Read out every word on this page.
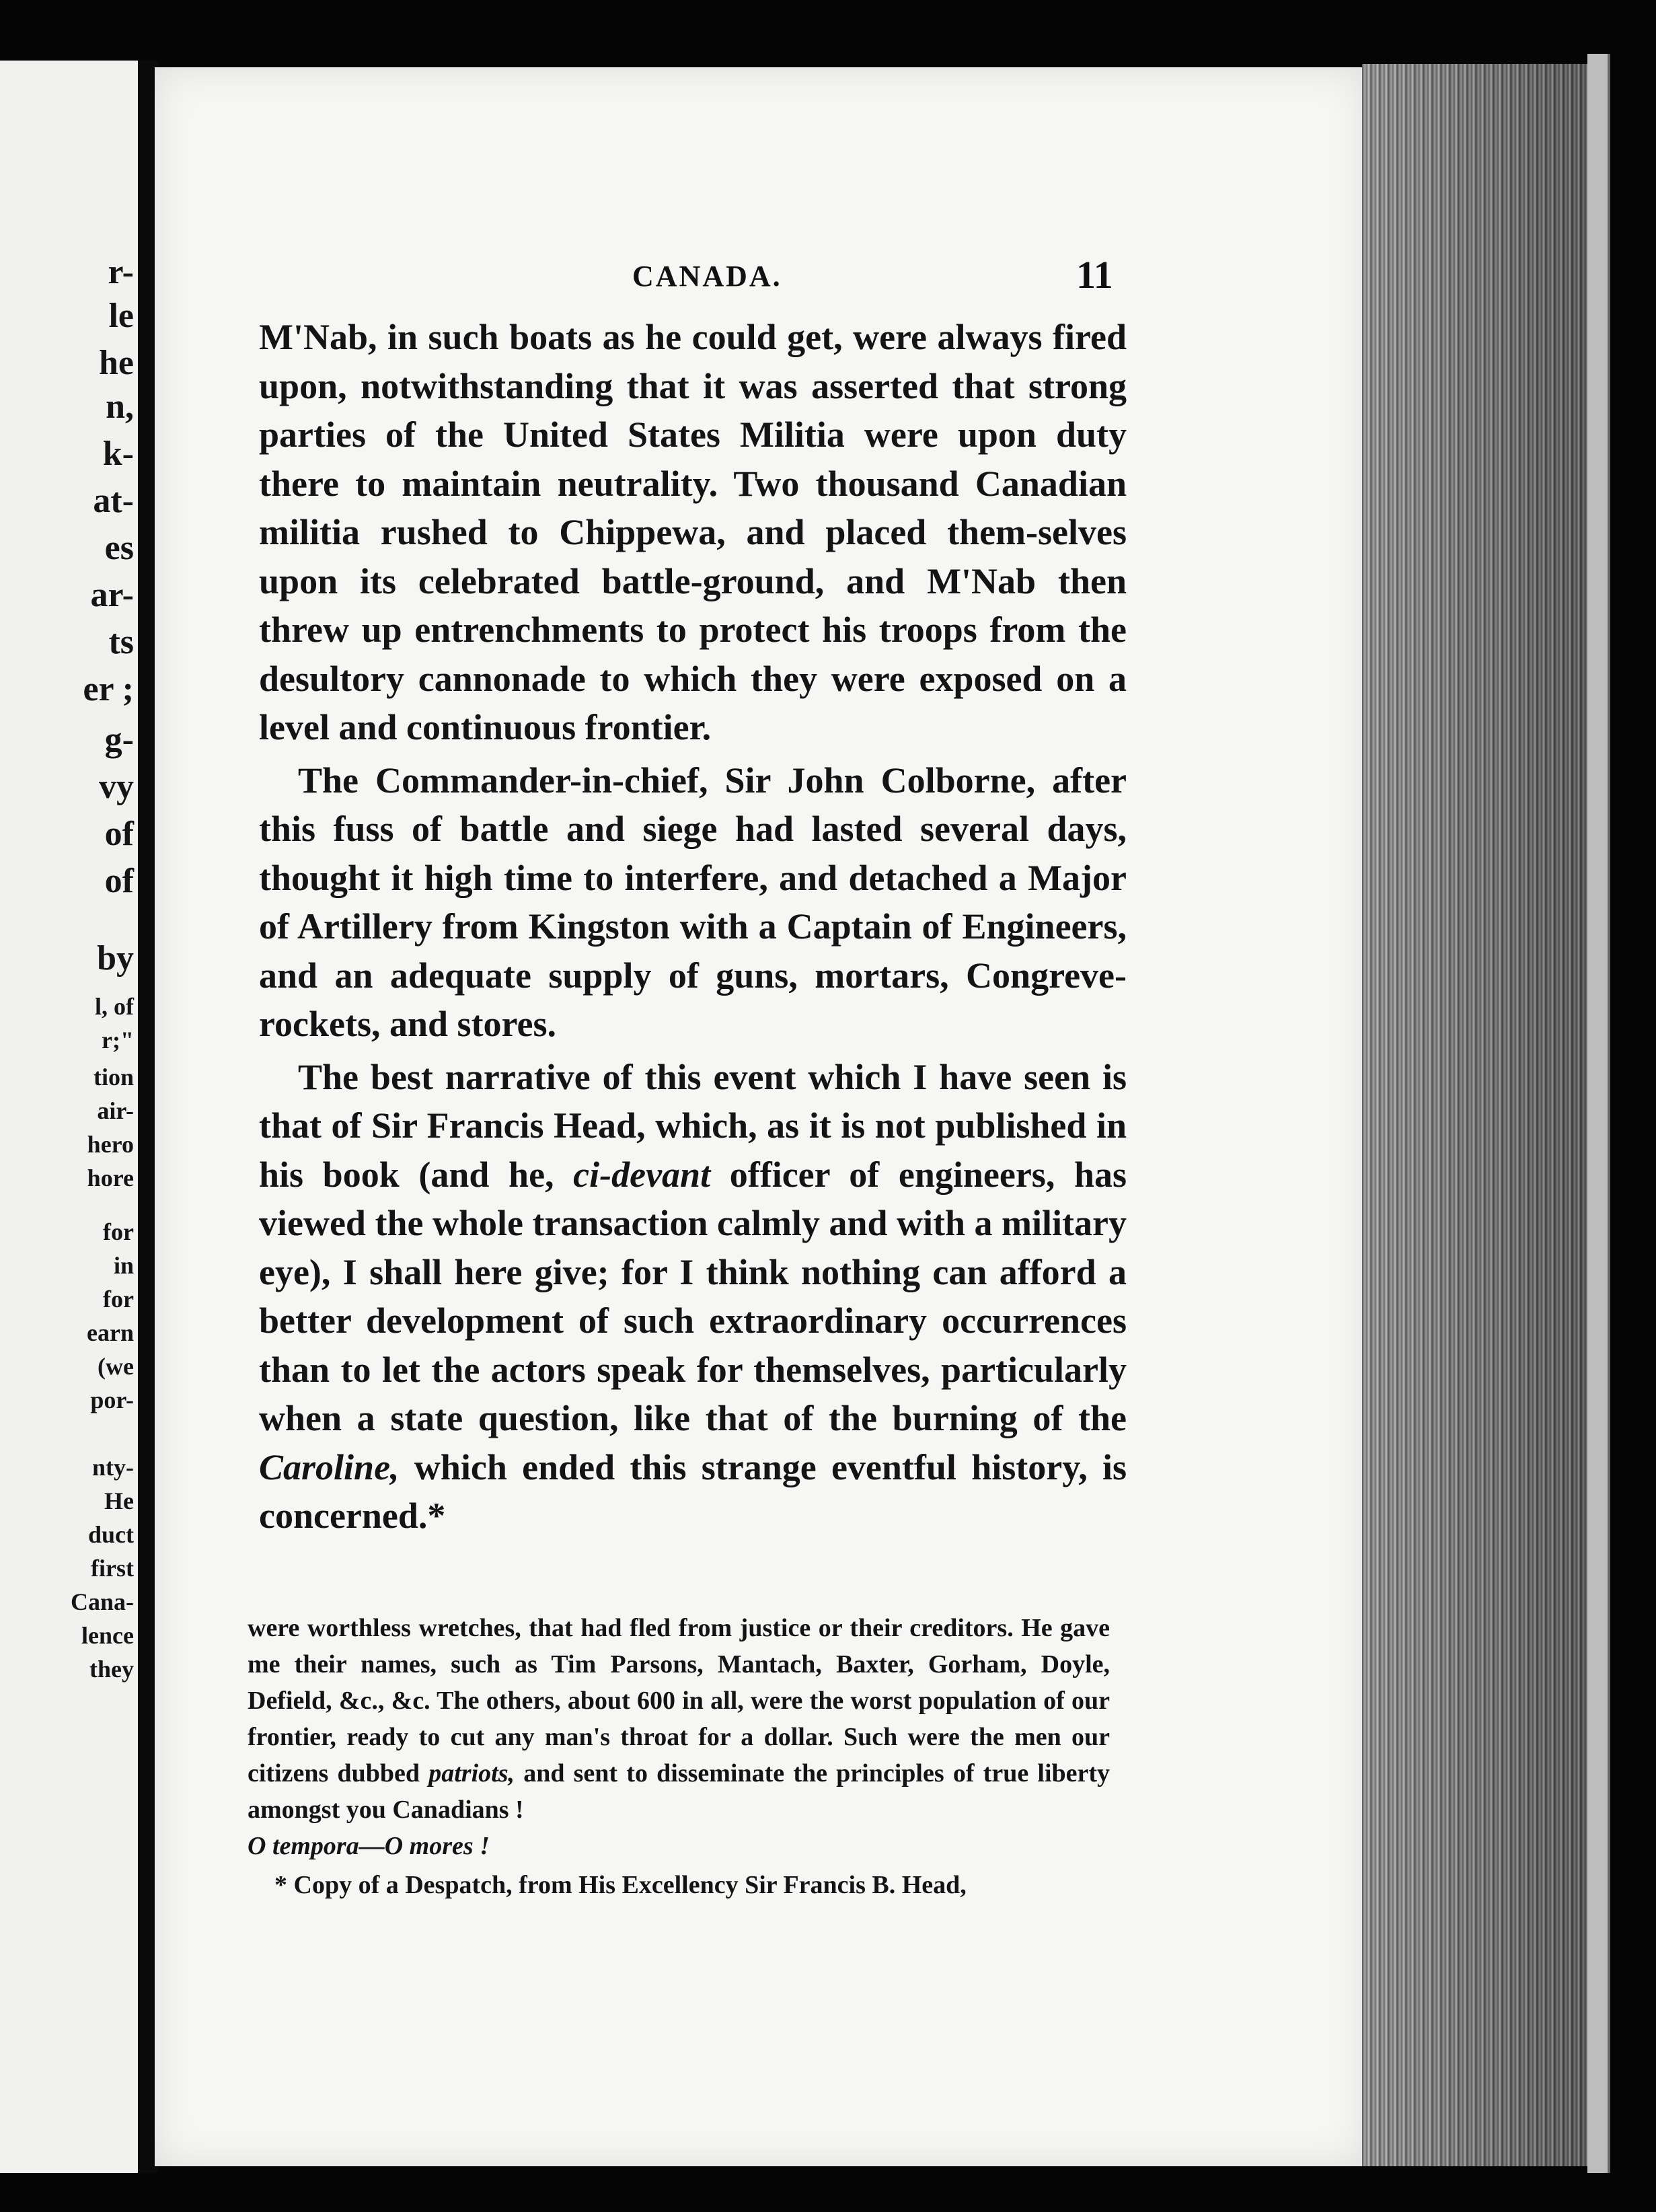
r-
le
he
n,
k-
at-
es
ar-
ts
er ;
g-
vy
of
of
by
l, of
r;"
tion
air-
hero
hore
for
in
for
earn
(we
por-
nty-
He
duct
first
Cana-
lence
they
CANADA.	11

M'Nab, in such boats as he could get, were always fired upon, notwithstanding that it was asserted that strong parties of the United States Militia were upon duty there to maintain neutrality. Two thousand Canadian militia rushed to Chippewa, and placed them-selves upon its celebrated battle-ground, and M'Nab then threw up entrenchments to protect his troops from the desultory cannonade to which they were exposed on a level and continuous frontier.

The Commander-in-chief, Sir John Colborne, after this fuss of battle and siege had lasted several days, thought it high time to interfere, and detached a Major of Artillery from Kingston with a Captain of Engineers, and an adequate supply of guns, mortars, Congreve-rockets, and stores.

The best narrative of this event which I have seen is that of Sir Francis Head, which, as it is not published in his book (and he, ci-devant officer of engineers, has viewed the whole transaction calmly and with a military eye), I shall here give; for I think nothing can afford a better development of such extraordinary occurrences than to let the actors speak for themselves, particularly when a state question, like that of the burning of the Caroline, which ended this strange eventful history, is concerned.*

were worthless wretches, that had fled from justice or their creditors. He gave me their names, such as Tim Parsons, Mantach, Baxter, Gorham, Doyle, Defield, &c., &c. The others, about 600 in all, were the worst population of our frontier, ready to cut any man's throat for a dollar. Such were the men our citizens dubbed patriots, and sent to disseminate the principles of true liberty amongst you Canadians !

O tempora—O mores !

* Copy of a Despatch, from His Excellency Sir Francis B. Head,
